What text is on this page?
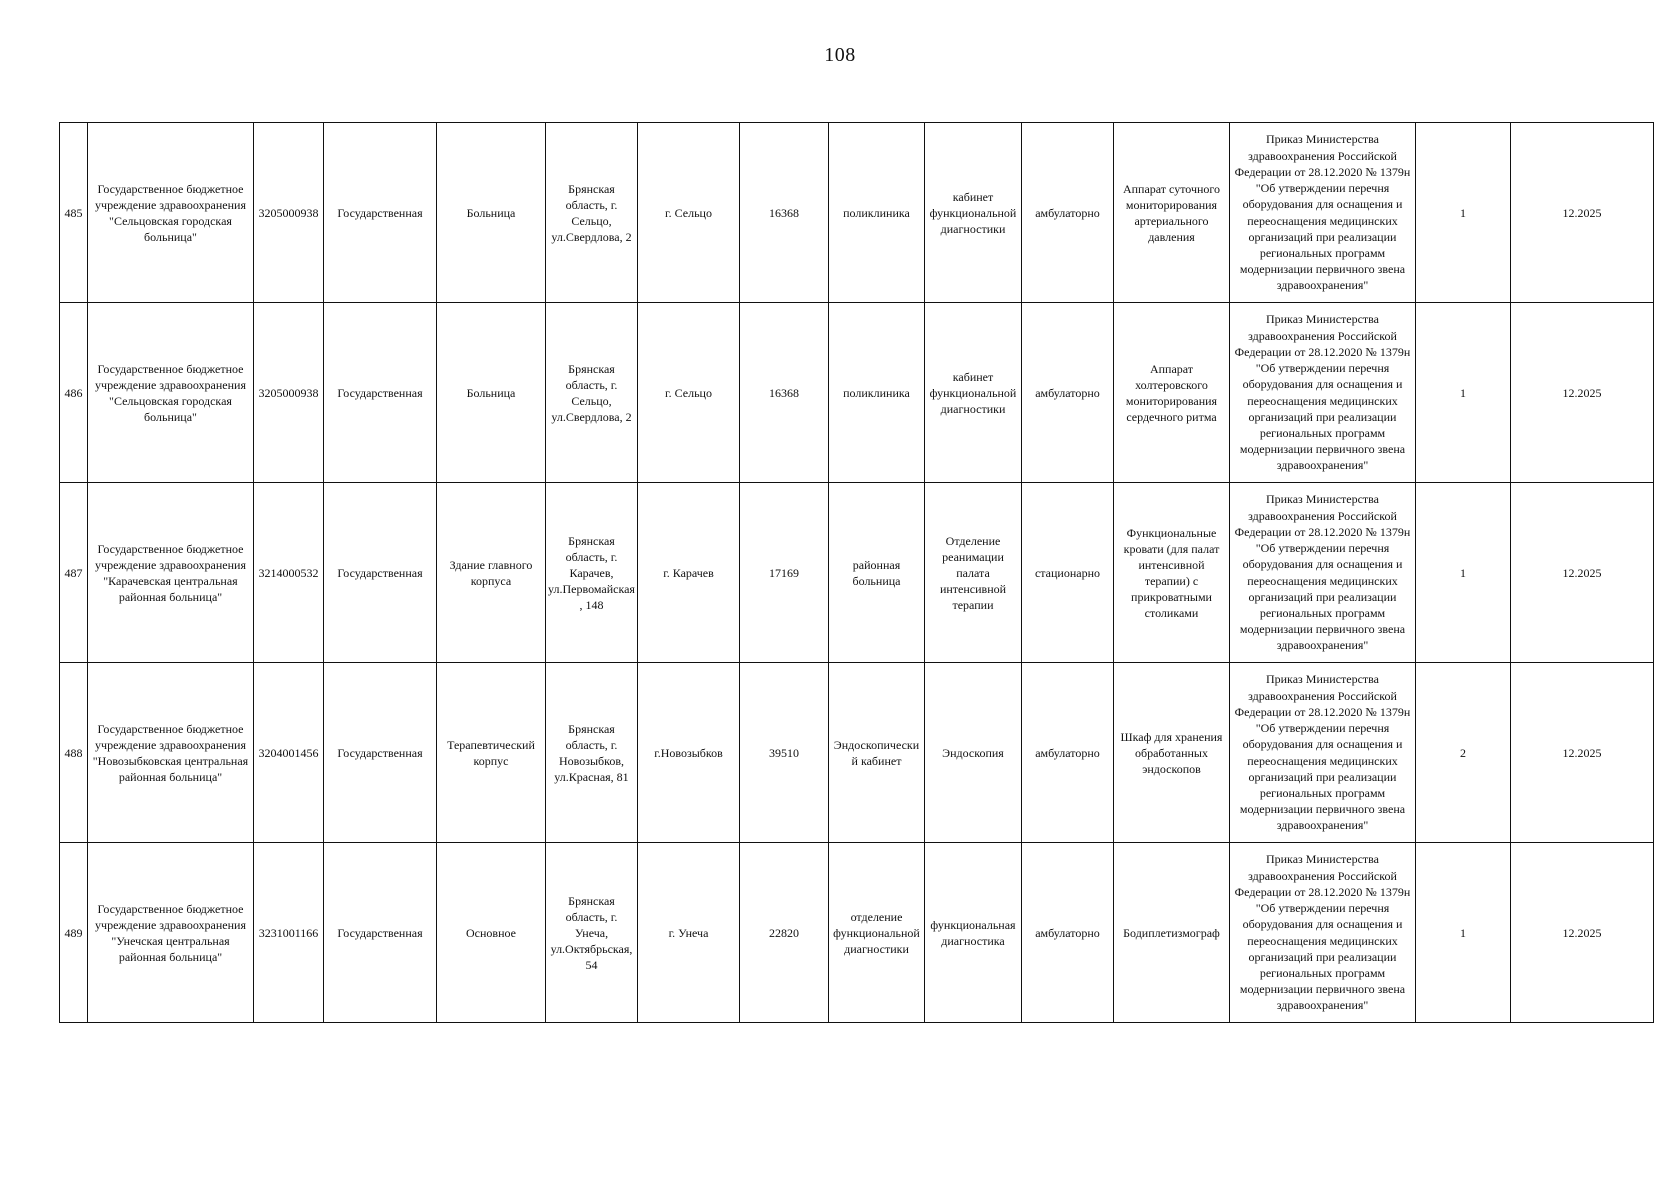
108
485	Государственное бюджетное учреждение здравоохранения "Сельцовская городская больница"	3205000938	Государственная	Больница	Брянская область, г. Сельцо, ул.Свердлова, 2	г. Сельцо	16368	поликлиника	кабинет функциональной диагностики	амбулаторно	Аппарат суточного мониторирования артериального давления	Приказ Министерства здравоохранения Российской Федерации от 28.12.2020 № 1379н "Об утверждении перечня оборудования для оснащения и переоснащения медицинских организаций при реализации региональных программ модернизации первичного звена здравоохранения"	1	12.2025
486	Государственное бюджетное учреждение здравоохранения "Сельцовская городская больница"	3205000938	Государственная	Больница	Брянская область, г. Сельцо, ул.Свердлова, 2	г. Сельцо	16368	поликлиника	кабинет функциональной диагностики	амбулаторно	Аппарат холтеровского мониторирования сердечного ритма	Приказ Министерства здравоохранения Российской Федерации от 28.12.2020 № 1379н "Об утверждении перечня оборудования для оснащения и переоснащения медицинских организаций при реализации региональных программ модернизации первичного звена здравоохранения"	1	12.2025
487	Государственное бюджетное учреждение здравоохранения "Карачевская центральная районная больница"	3214000532	Государственная	Здание главного корпуса	Брянская область, г. Карачев, ул.Первомайская, 148	г. Карачев	17169	районная больница	Отделение реанимации палата интенсивной терапии	стационарно	Функциональные кровати (для палат интенсивной терапии) с прикроватными столиками	Приказ Министерства здравоохранения Российской Федерации от 28.12.2020 № 1379н "Об утверждении перечня оборудования для оснащения и переоснащения медицинских организаций при реализации региональных программ модернизации первичного звена здравоохранения"	1	12.2025
488	Государственное бюджетное учреждение здравоохранения "Новозыбковская центральная районная больница"	3204001456	Государственная	Терапевтический корпус	Брянская область, г. Новозыбков, ул.Красная, 81	г.Новозыбков	39510	Эндоскопический кабинет	Эндоскопия	амбулаторно	Шкаф для хранения обработанных эндоскопов	Приказ Министерства здравоохранения Российской Федерации от 28.12.2020 № 1379н "Об утверждении перечня оборудования для оснащения и переоснащения медицинских организаций при реализации региональных программ модернизации первичного звена здравоохранения"	2	12.2025
489	Государственное бюджетное учреждение здравоохранения "Унечская центральная районная больница"	3231001166	Государственная	Основное	Брянская область, г. Унеча, ул.Октябрьская, 54	г. Унеча	22820	отделение функциональной диагностики	функциональная диагностика	амбулаторно	Бодиплетизмограф	Приказ Министерства здравоохранения Российской Федерации от 28.12.2020 № 1379н "Об утверждении перечня оборудования для оснащения и переоснащения медицинских организаций при реализации региональных программ модернизации первичного звена здравоохранения"	1	12.2025
